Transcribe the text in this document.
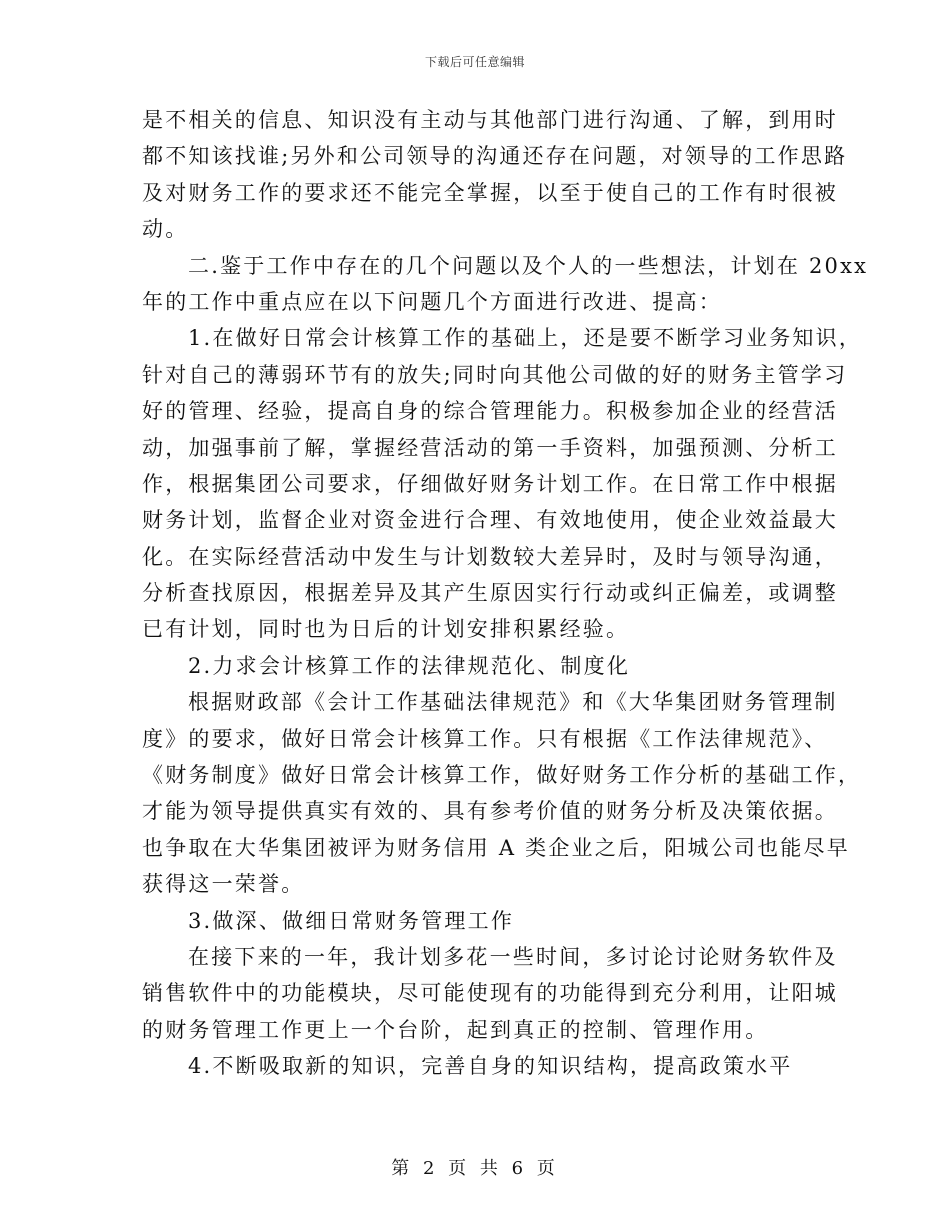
下载后可任意编辑
是不相关的信息、知识没有主动与其他部门进行沟通、了解，到用时
都不知该找谁;另外和公司领导的沟通还存在问题，对领导的工作思路
及对财务工作的要求还不能完全掌握，以至于使自己的工作有时很被
动。
二.鉴于工作中存在的几个问题以及个人的一些想法，计划在 20xx
年的工作中重点应在以下问题几个方面进行改进、提高：
1.在做好日常会计核算工作的基础上，还是要不断学习业务知识，
针对自己的薄弱环节有的放失;同时向其他公司做的好的财务主管学习
好的管理、经验，提高自身的综合管理能力。积极参加企业的经营活
动，加强事前了解，掌握经营活动的第一手资料，加强预测、分析工
作，根据集团公司要求，仔细做好财务计划工作。在日常工作中根据
财务计划，监督企业对资金进行合理、有效地使用，使企业效益最大
化。在实际经营活动中发生与计划数较大差异时，及时与领导沟通，
分析查找原因，根据差异及其产生原因实行行动或纠正偏差，或调整
已有计划，同时也为日后的计划安排积累经验。
2.力求会计核算工作的法律规范化、制度化
根据财政部《会计工作基础法律规范》和《大华集团财务管理制
度》的要求，做好日常会计核算工作。只有根据《工作法律规范》、
《财务制度》做好日常会计核算工作，做好财务工作分析的基础工作，
才能为领导提供真实有效的、具有参考价值的财务分析及决策依据。
也争取在大华集团被评为财务信用 A 类企业之后，阳城公司也能尽早
获得这一荣誉。
3.做深、做细日常财务管理工作
在接下来的一年，我计划多花一些时间，多讨论讨论财务软件及
销售软件中的功能模块，尽可能使现有的功能得到充分利用，让阳城
的财务管理工作更上一个台阶，起到真正的控制、管理作用。
4.不断吸取新的知识，完善自身的知识结构，提高政策水平
第 2 页 共 6 页
